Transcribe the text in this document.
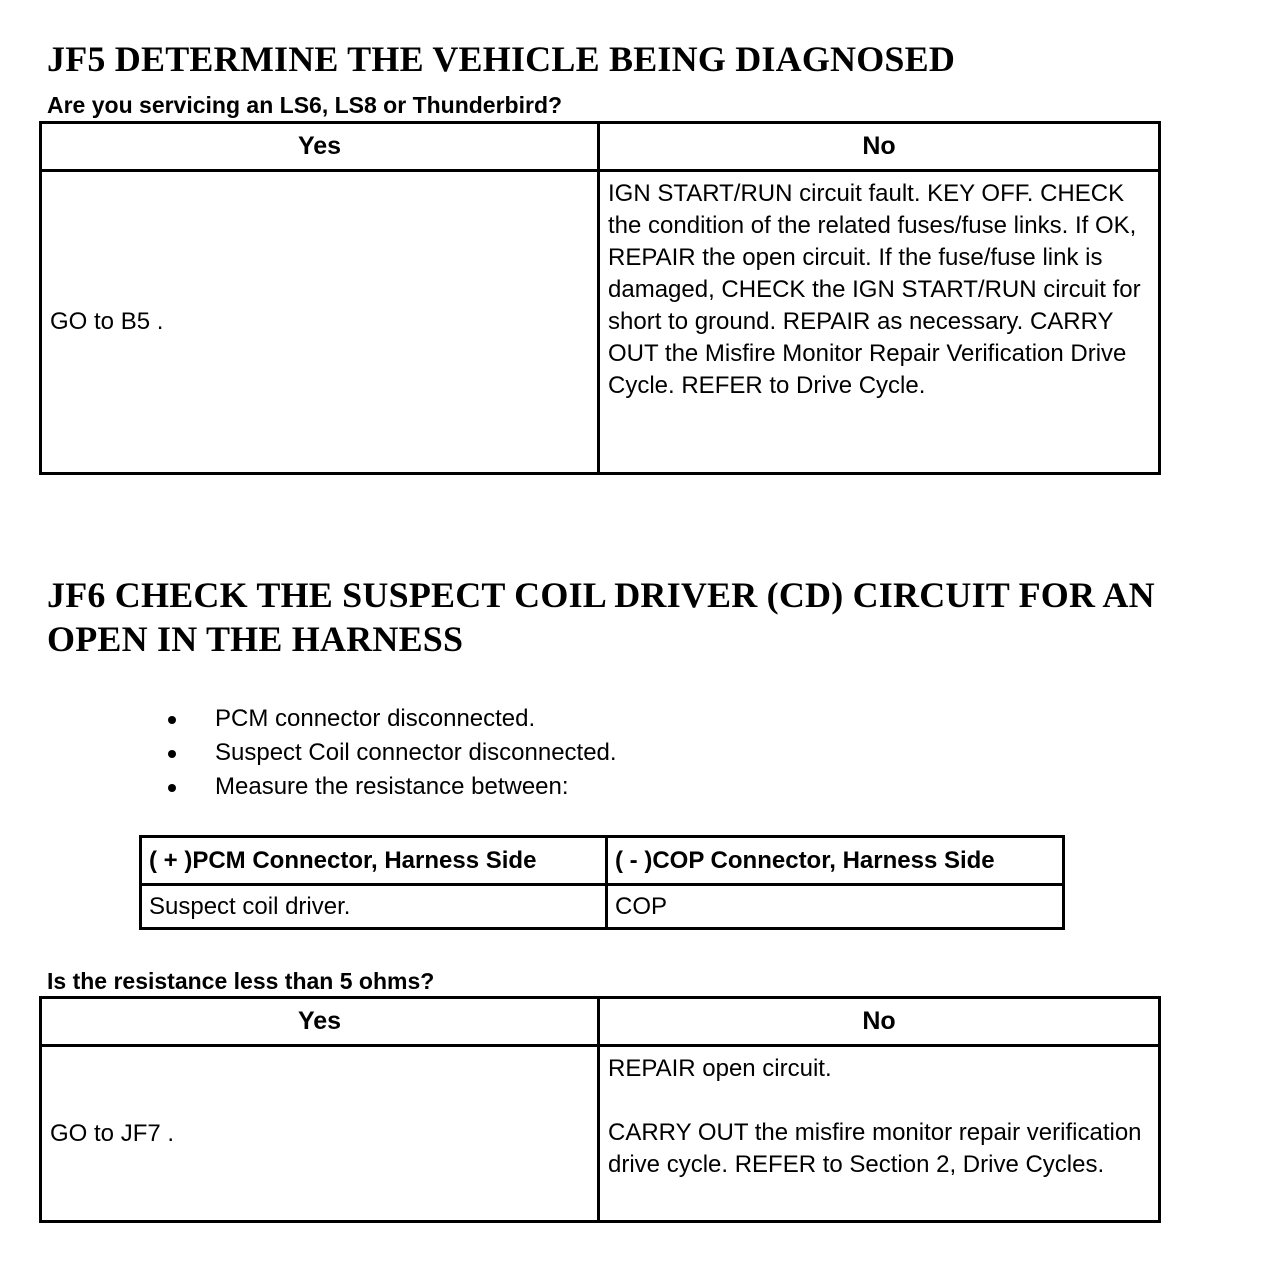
JF5 DETERMINE THE VEHICLE BEING DIAGNOSED

Are you servicing an LS6, LS8 or Thunderbird?

Yes	No
GO to B5 .	IGN START/RUN circuit fault. KEY OFF. CHECK the condition of the related fuses/fuse links. If OK, REPAIR the open circuit. If the fuse/fuse link is damaged, CHECK the IGN START/RUN circuit for short to ground. REPAIR as necessary. CARRY OUT the Misfire Monitor Repair Verification Drive Cycle. REFER to Drive Cycle.
JF6 CHECK THE SUSPECT COIL DRIVER (CD) CIRCUIT FOR AN
OPEN IN THE HARNESS
PCM connector disconnected.
Suspect Coil connector disconnected.
Measure the resistance between:
( + )PCM Connector, Harness Side	( - )COP Connector, Harness Side
Suspect coil driver.	COP

Is the resistance less than 5 ohms?

Yes	No
GO to JF7 .	REPAIR open circuit.
CARRY OUT the misfire monitor repair verification drive cycle. REFER to Section 2, Drive Cycles.
